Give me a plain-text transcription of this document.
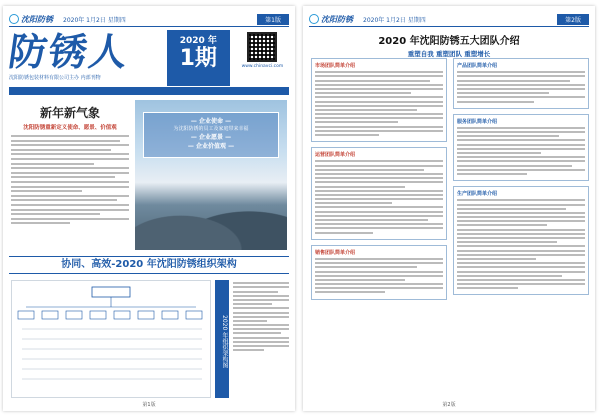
沈阳防锈 2020年 1月2日 星期四	第1版
防锈人
沈阳防锈包装材料有限公司主办 内部刊物
2020 年
1期	www.chinavci.com
新年新气象
沈阳防锈重新定义使命、愿景、价值观
— 企业使命 —
为沈阳防锈的员工及家庭带来幸福
— 企业愿景 —
— 企业价值观 —
协同、高效-2020 年沈阳防锈组织架构
2020 年组织架构图
第1版
沈阳防锈 2020年 1月2日 星期四	第2版
2020 年沈阳防锈五大团队介绍
重塑自我 重塑团队 重塑增长
市场团队简单介绍
运营团队简单介绍
销售团队简单介绍
产品团队简单介绍
服务团队简单介绍
生产团队简单介绍
第2版
